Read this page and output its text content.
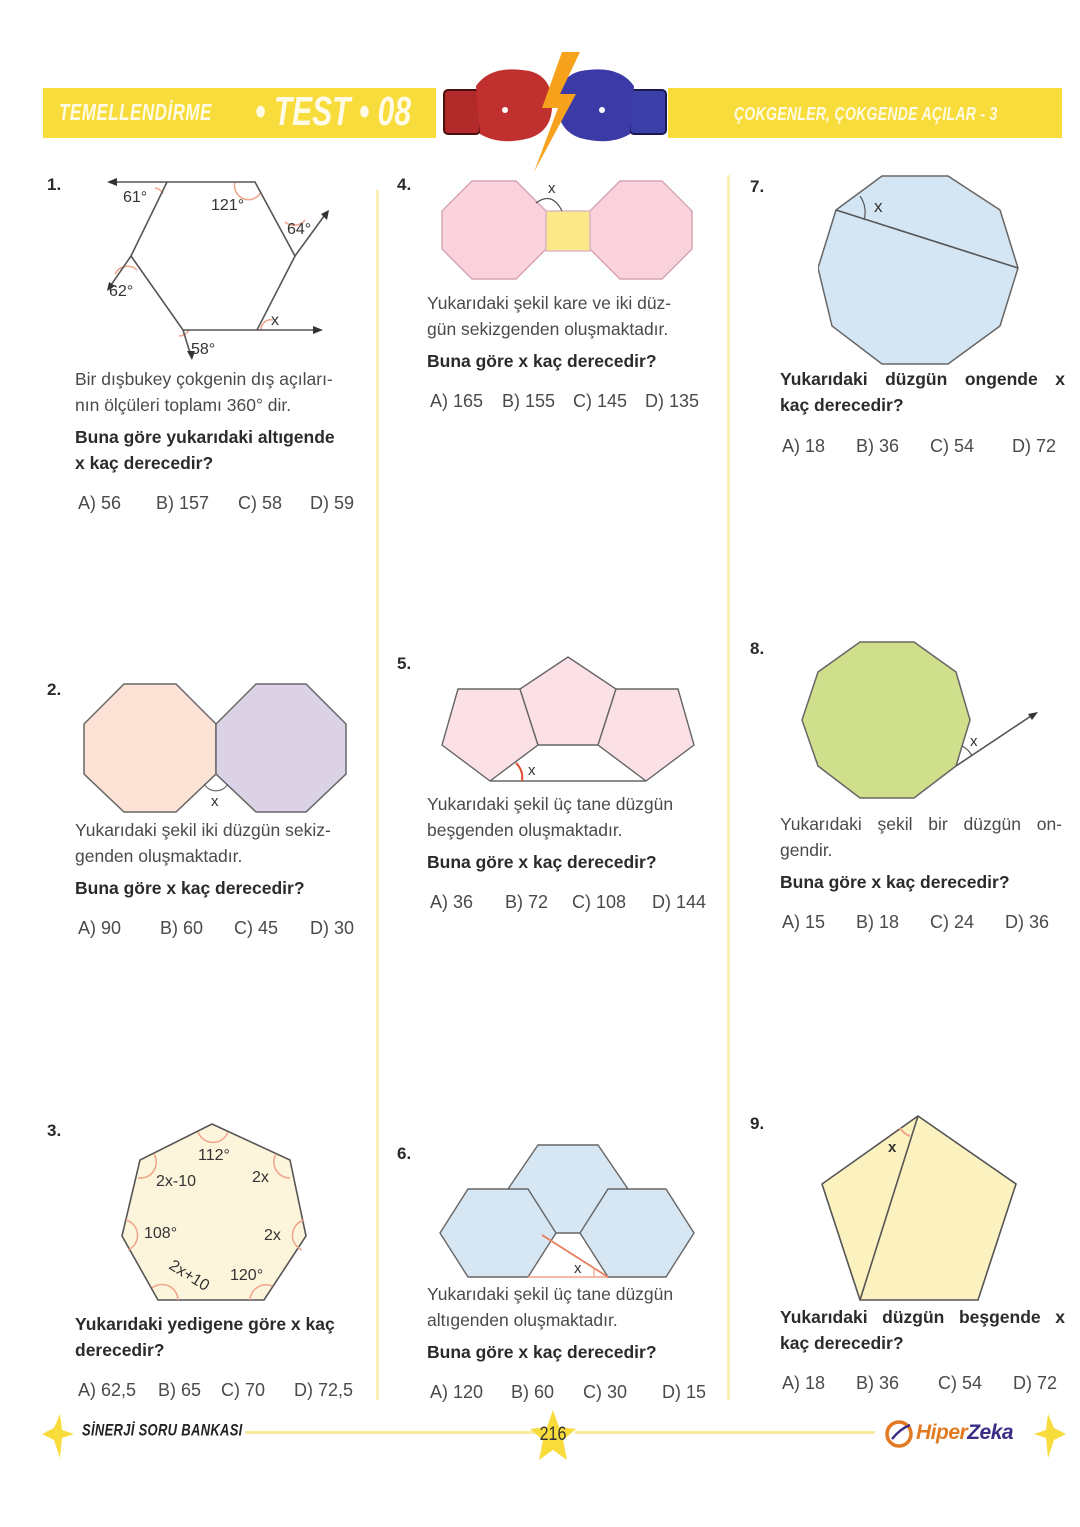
TEMELLENDİRME • TEST • 08	ÇOKGENLER, ÇOKGENDE AÇILAR - 3
1.
61°	121°
64°
62°
58°
x
Bir dışbukey çokgenin dış açıları-
nın ölçüleri toplamı 360° dir.
Buna göre yukarıdaki altıgende
x kaç derecedir?
A) 56	B) 157	C) 58	D) 59
2.
x
Yukarıdaki şekil iki düzgün sekiz-
genden oluşmaktadır.
Buna göre x kaç derecedir?
A) 90	B) 60	C) 45	D) 30
3.
112°
2x-10	2x
108°	2x
2x+10 120°
Yukarıdaki yedigene göre x kaç
derecedir?
A) 62,5	B) 65	C) 70	D) 72,5
4.	x
Yukarıdaki şekil kare ve iki düz-
gün sekizgenden oluşmaktadır.
Buna göre x kaç derecedir?
A) 165	B) 155 C) 145 D) 135
5.
x
Yukarıdaki şekil üç tane düzgün
beşgenden oluşmaktadır.
Buna göre x kaç derecedir?
A) 36	B) 72	C) 108	D) 144
6.
x
Yukarıdaki şekil üç tane düzgün
altıgenden oluşmaktadır.
Buna göre x kaç derecedir?
A) 120	B) 60	C) 30	D) 15
7.
x
Yukarıdaki düzgün ongende x
kaç derecedir?
A) 18	B) 36	C) 54	D) 72
8.
x
Yukarıdaki şekil bir düzgün on-
gendir.
Buna göre x kaç derecedir?
A) 15	B) 18	C) 24	D) 36
9.
x
Yukarıdaki düzgün beşgende x
kaç derecedir?
A) 18	B) 36	C) 54	D) 72
SİNERJİ SORU BANKASI	216	HiperZeka
